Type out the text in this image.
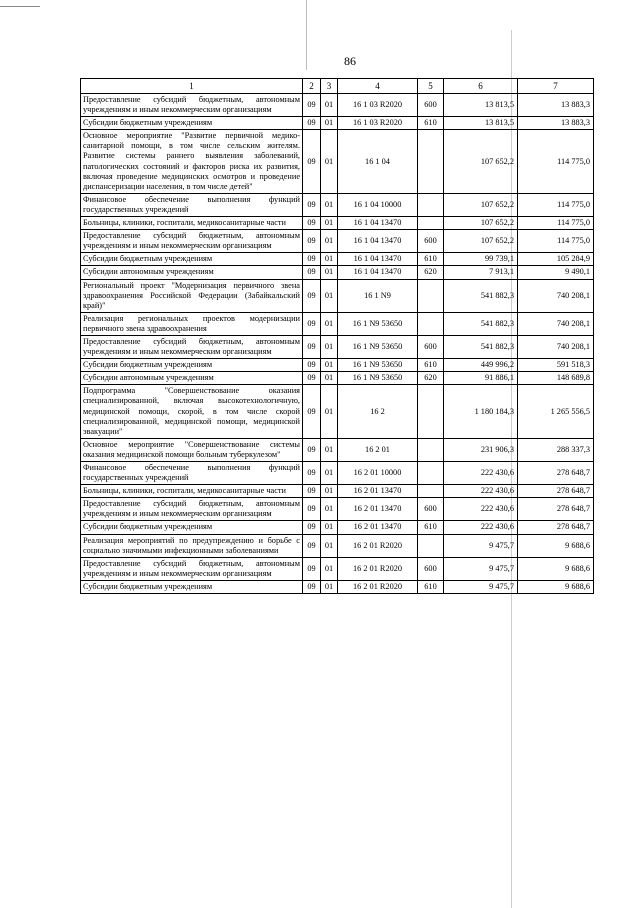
86
1	2	3	4	5	6	7
Предоставление субсидий бюджетным, автономным учреждениям и иным некоммерческим организациям	09	01	16 1 03 R2020	600	13 813,5	13 883,3
Субсидии бюджетным учреждениям	09	01	16 1 03 R2020	610	13 813,5	13 883,3
Основное мероприятие "Развитие первичной медико-санитарной помощи, в том числе сельским жителям. Развитие системы раннего выявления заболеваний, патологических состояний и факторов риска их развития, включая проведение медицинских осмотров и проведение диспансеризации населения, в том числе детей"	09	01	16 1 04		107 652,2	114 775,0
Финансовое обеспечение выполнения функций государственных учреждений	09	01	16 1 04 10000		107 652,2	114 775,0
Больницы, клиники, госпитали, медикосанитарные части	09	01	16 1 04 13470		107 652,2	114 775,0
Предоставление субсидий бюджетным, автономным учреждениям и иным некоммерческим организациям	09	01	16 1 04 13470	600	107 652,2	114 775,0
Субсидии бюджетным учреждениям	09	01	16 1 04 13470	610	99 739,1	105 284,9
Субсидии автономным учреждениям	09	01	16 1 04 13470	620	7 913,1	9 490,1
Региональный проект "Модернизация первичного звена здравоохранения Российской Федерации (Забайкальский край)"	09	01	16 1 N9		541 882,3	740 208,1
Реализация региональных проектов модернизации первичного звена здравоохранения	09	01	16 1 N9 53650		541 882,3	740 208,1
Предоставление субсидий бюджетным, автономным учреждениям и иным некоммерческим организациям	09	01	16 1 N9 53650	600	541 882,3	740 208,1
Субсидии бюджетным учреждениям	09	01	16 1 N9 53650	610	449 996,2	591 518,3
Субсидии автономным учреждениям	09	01	16 1 N9 53650	620	91 886,1	148 689,8
Подпрограмма "Совершенствование оказания специализированной, включая высокотехнологичную, медицинской помощи, скорой, в том числе скорой специализированной, медицинской помощи, медицинской эвакуации"	09	01	16 2		1 180 184,3	1 265 556,5
Основное мероприятие "Совершенствование системы оказания медицинской помощи больным туберкулезом"	09	01	16 2 01		231 906,3	288 337,3
Финансовое обеспечение выполнения функций государственных учреждений	09	01	16 2 01 10000		222 430,6	278 648,7
Больницы, клиники, госпитали, медикосанитарные части	09	01	16 2 01 13470		222 430,6	278 648,7
Предоставление субсидий бюджетным, автономным учреждениям и иным некоммерческим организациям	09	01	16 2 01 13470	600	222 430,6	278 648,7
Субсидии бюджетным учреждениям	09	01	16 2 01 13470	610	222 430,6	278 648,7
Реализация мероприятий по предупреждению и борьбе с социально значимыми инфекционными заболеваниями	09	01	16 2 01 R2020		9 475,7	9 688,6
Предоставление субсидий бюджетным, автономным учреждениям и иным некоммерческим организациям	09	01	16 2 01 R2020	600	9 475,7	9 688,6
Субсидии бюджетным учреждениям	09	01	16 2 01 R2020	610	9 475,7	9 688,6
